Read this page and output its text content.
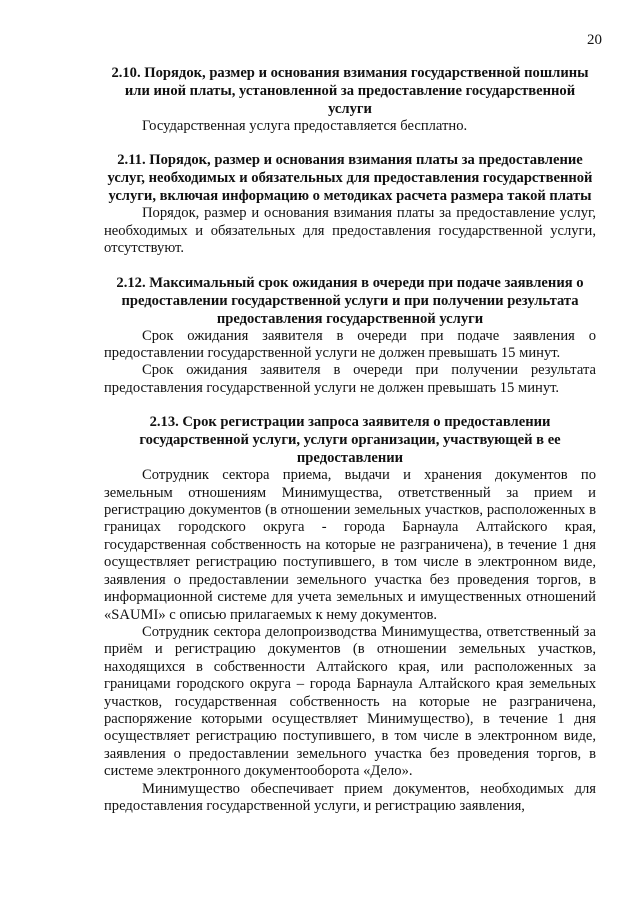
20

2.10. Порядок, размер и основания взимания государственной пошлины или иной платы, установленной за предоставление государственной услуги

Государственная услуга предоставляется бесплатно.

2.11. Порядок, размер и основания взимания платы за предоставление услуг, необходимых и обязательных для предоставления государственной услуги, включая информацию о методиках расчета размера такой платы

Порядок, размер и основания взимания платы за предоставление услуг, необходимых и обязательных для предоставления государственной услуги, отсутствуют.

2.12. Максимальный срок ожидания в очереди при подаче заявления о предоставлении государственной услуги и при получении результата предоставления государственной услуги

Срок ожидания заявителя в очереди при подаче заявления о предоставлении государственной услуги не должен превышать 15 минут.

Срок ожидания заявителя в очереди при получении результата предоставления государственной услуги не должен превышать 15 минут.

2.13. Срок регистрации запроса заявителя о предоставлении государственной услуги, услуги организации, участвующей в ее предоставлении

Сотрудник сектора приема, выдачи и хранения документов по земельным отношениям Минимущества, ответственный за прием и регистрацию документов (в отношении земельных участков, расположенных в границах городского округа - города Барнаула Алтайского края, государственная собственность на которые не разграничена), в течение 1 дня осуществляет регистрацию поступившего, в том числе в электронном виде, заявления о предоставлении земельного участка без проведения торгов, в информационной системе для учета земельных и имущественных отношений «SAUMI» с описью прилагаемых к нему документов.

Сотрудник сектора делопроизводства Минимущества, ответственный за приём и регистрацию документов (в отношении земельных участков, находящихся в собственности Алтайского края, или расположенных за границами городского округа – города Барнаула Алтайского края земельных участков, государственная собственность на которые не разграничена, распоряжение которыми осуществляет Минимущество), в течение 1 дня осуществляет регистрацию поступившего, в том числе в электронном виде, заявления о предоставлении земельного участка без проведения торгов, в системе электронного документооборота «Дело».

Минимущество обеспечивает прием документов, необходимых для предоставления государственной услуги, и регистрацию заявления,
